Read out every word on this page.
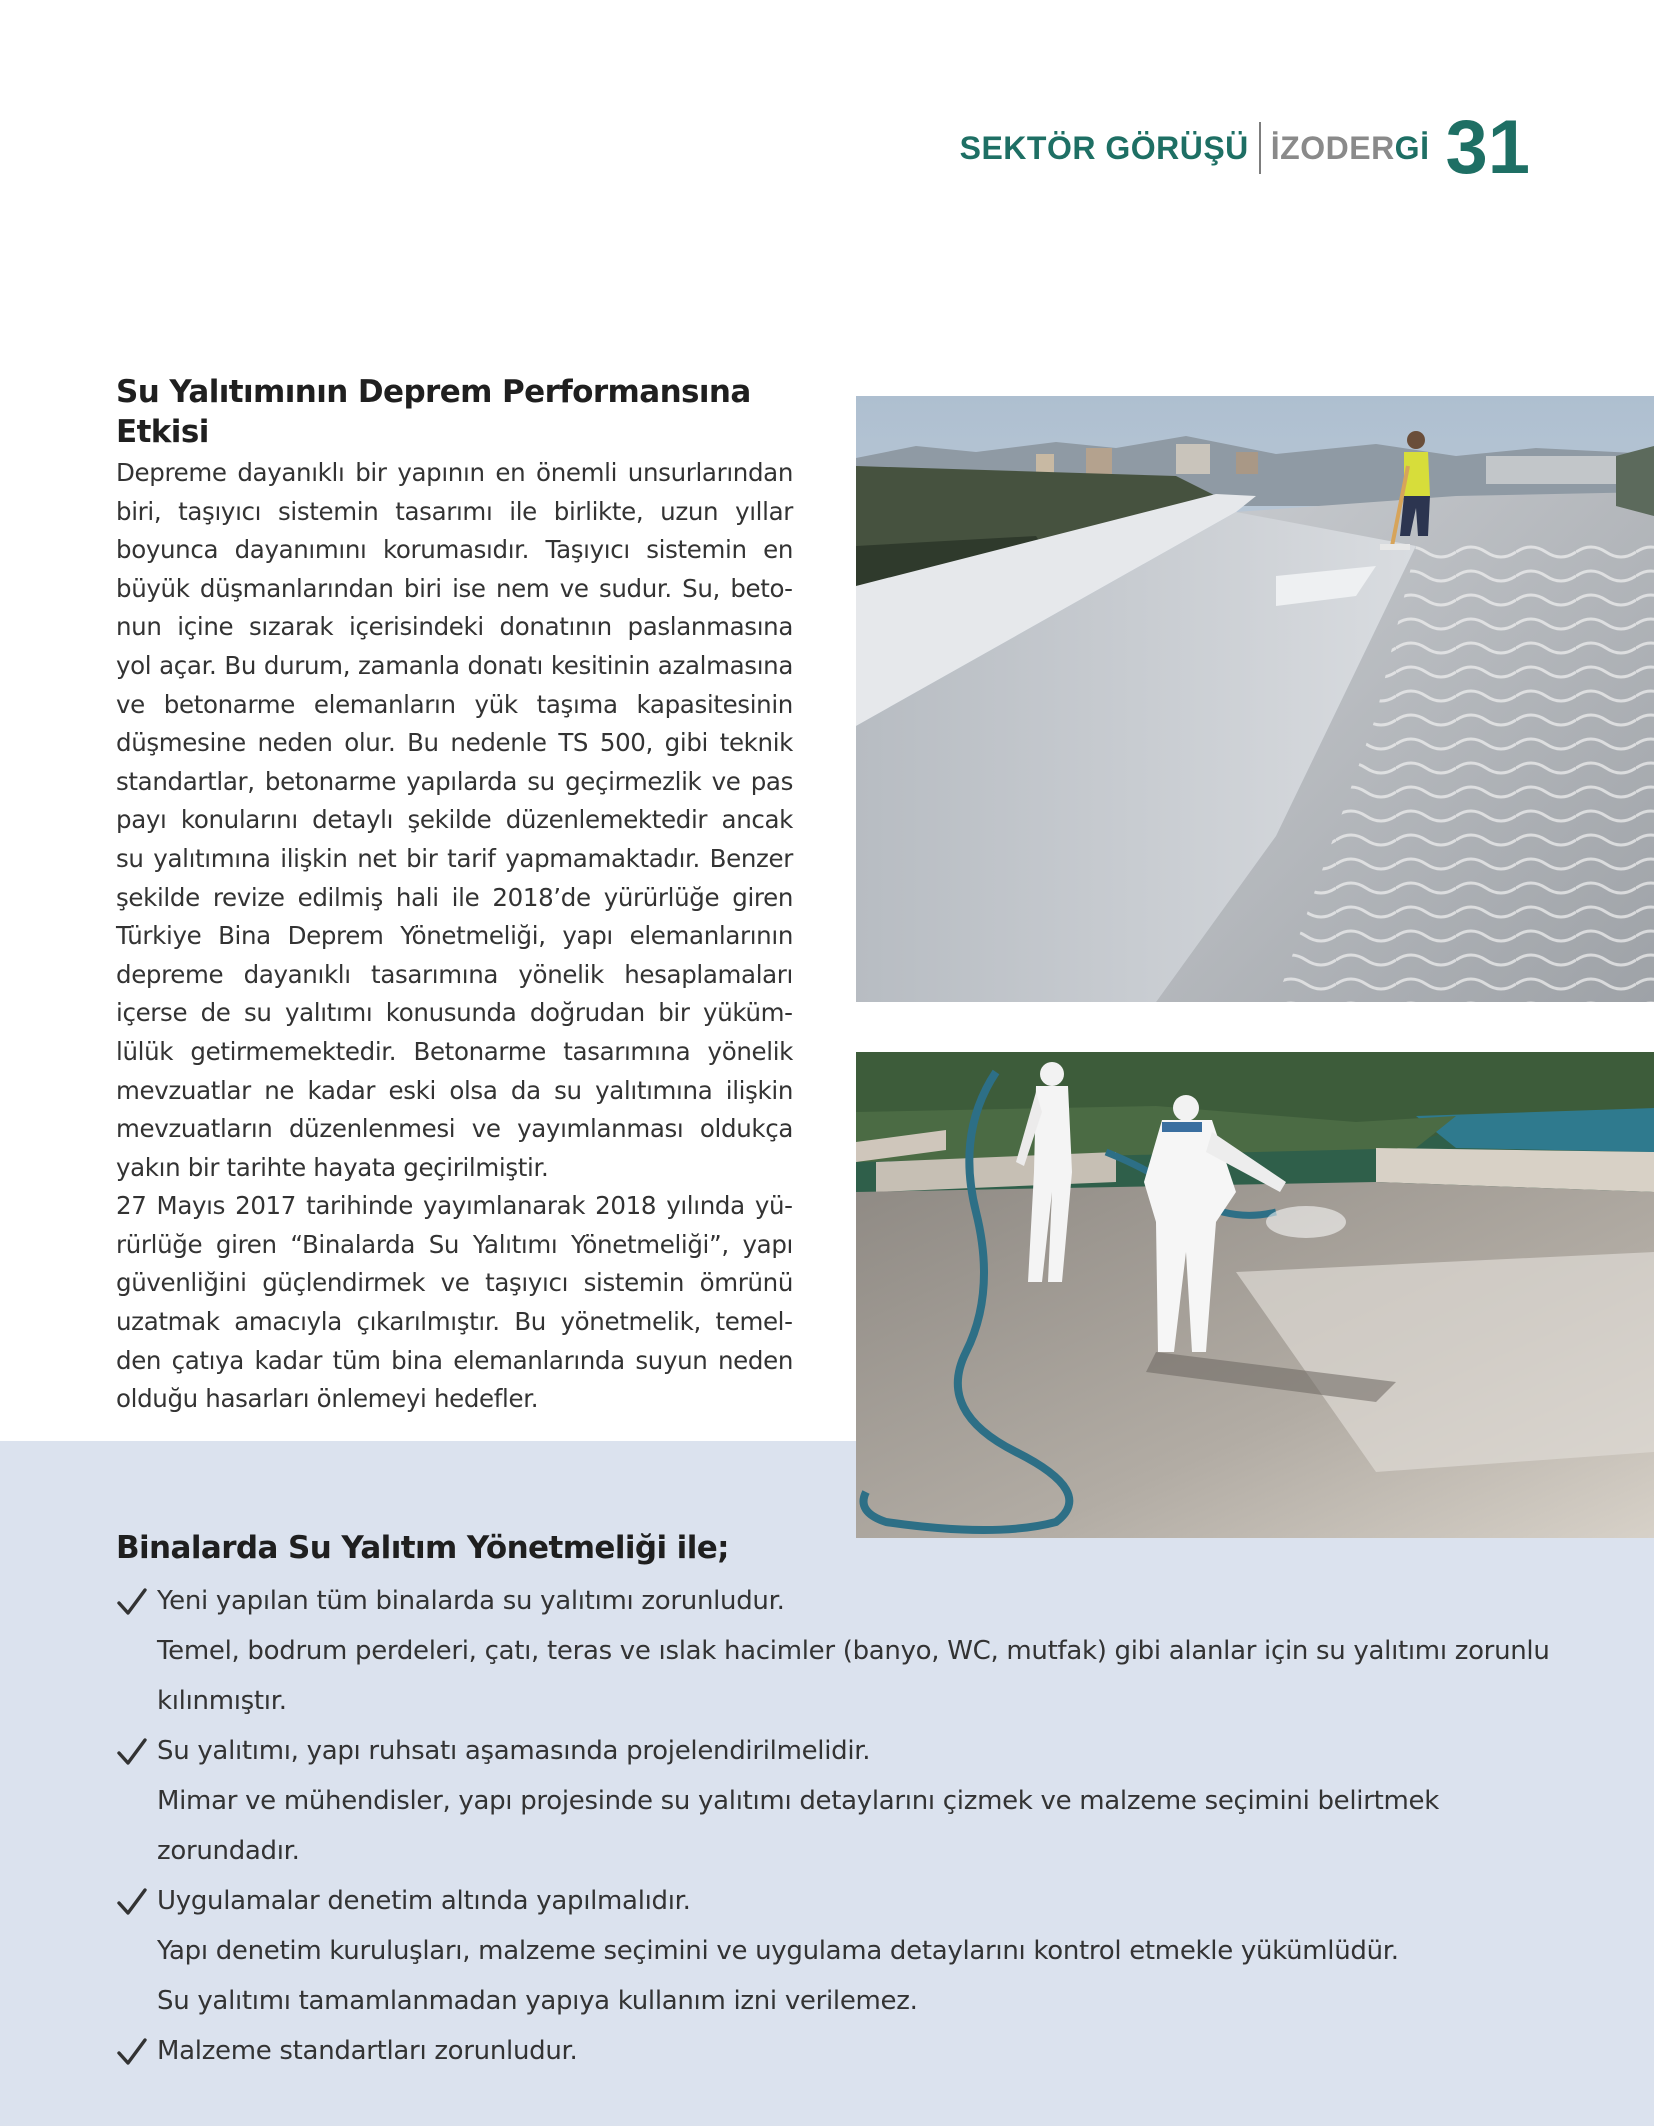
SEKTÖR GÖRÜŞÜ İZODERGİ 31
Su Yalıtımının Deprem Performansına Etkisi

Depreme dayanıklı bir yapının en önemli unsurlarından biri, taşıyıcı sistemin tasarımı ile birlikte, uzun yıllar boyunca dayanımını korumasıdır. Taşıyıcı sistemin en büyük düşmanlarından biri ise nem ve sudur. Su, betonun içine sızarak içerisindeki donatının paslanmasına yol açar. Bu durum, zamanla donatı kesitinin azalmasına ve betonarme elemanların yük taşıma kapasitesinin düşmesine neden olur. Bu nedenle TS 500, gibi teknik standartlar, betonarme yapılarda su geçirmezlik ve pas payı konularını detaylı şekilde düzenlemektedir ancak su yalıtımına ilişkin net bir tarif yapmamaktadır. Benzer şekilde revize edilmiş hali ile 2018’de yürürlüğe giren Türkiye Bina Deprem Yönetmeliği, yapı elemanlarının depreme dayanıklı tasarımına yönelik hesaplamaları içerse de su yalıtımı konusunda doğrudan bir yükümlülük getirmemektedir. Betonarme tasarımına yönelik mevzuatlar ne kadar eski olsa da su yalıtımına ilişkin mevzuatların düzenlenmesi ve yayımlanması oldukça yakın bir tarihte hayata geçirilmiştir.

27 Mayıs 2017 tarihinde yayımlanarak 2018 yılında yürürlüğe giren “Binalarda Su Yalıtımı Yönetmeliği”, yapı güvenliğini güçlendirmek ve taşıyıcı sistemin ömrünü uzatmak amacıyla çıkarılmıştır. Bu yönetmelik, temelden çatıya kadar tüm bina elemanlarında suyun neden olduğu hasarları önlemeyi hedefler.

Binalarda Su Yalıtım Yönetmeliği ile;
Yeni yapılan tüm binalarda su yalıtımı zorunludur.

Temel, bodrum perdeleri, çatı, teras ve ıslak hacimler (banyo, WC, mutfak) gibi alanlar için su yalıtımı zorunlu kılınmıştır.

Su yalıtımı, yapı ruhsatı aşamasında projelendirilmelidir.

Mimar ve mühendisler, yapı projesinde su yalıtımı detaylarını çizmek ve malzeme seçimini belirtmek zorundadır.

Uygulamalar denetim altında yapılmalıdır.

Yapı denetim kuruluşları, malzeme seçimini ve uygulama detaylarını kontrol etmekle yükümlüdür.

Su yalıtımı tamamlanmadan yapıya kullanım izni verilemez.

Malzeme standartları zorunludur.
